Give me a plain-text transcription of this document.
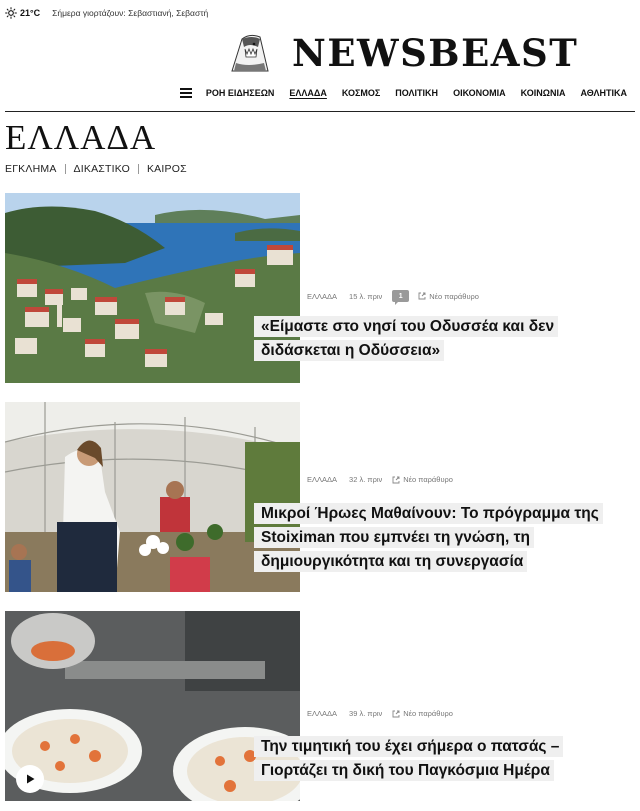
21°C Σήμερα γιορτάζουν: Σεβαστιανή, Σεβαστή
NEWSBEAST
ΡΟΗ ΕΙΔΗΣΕΩΝ ΕΛΛΑΔΑ ΚΟΣΜΟΣ ΠΟΛΙΤΙΚΗ ΟΙΚΟΝΟΜΙΑ ΚΟΙΝΩΝΙΑ ΑΘΛΗΤΙΚΑ
ΕΛΛΑΔΑ
ΕΓΚΛΗΜΑ ΔΙΚΑΣΤΙΚΟ ΚΑΙΡΟΣ
ΕΛΛΑΔΑ 15 λ. πριν	1	Νέο παράθυρο
«Είμαστε στο νησί του Οδυσσέα και δεν διδάσκεται η Οδύσσεια»
ΕΛΛΑΔΑ 32 λ. πριν	Νέο παράθυρο
Μικροί Ήρωες Μαθαίνουν: Το πρόγραμμα της Stoiximan που εμπνέει τη γνώση, τη δημιουργικότητα και τη συνεργασία
ΕΛΛΑΔΑ 39 λ. πριν	Νέο παράθυρο
Την τιμητική του έχει σήμερα ο πατσάς – Γιορτάζει τη δική του Παγκόσμια Ημέρα
